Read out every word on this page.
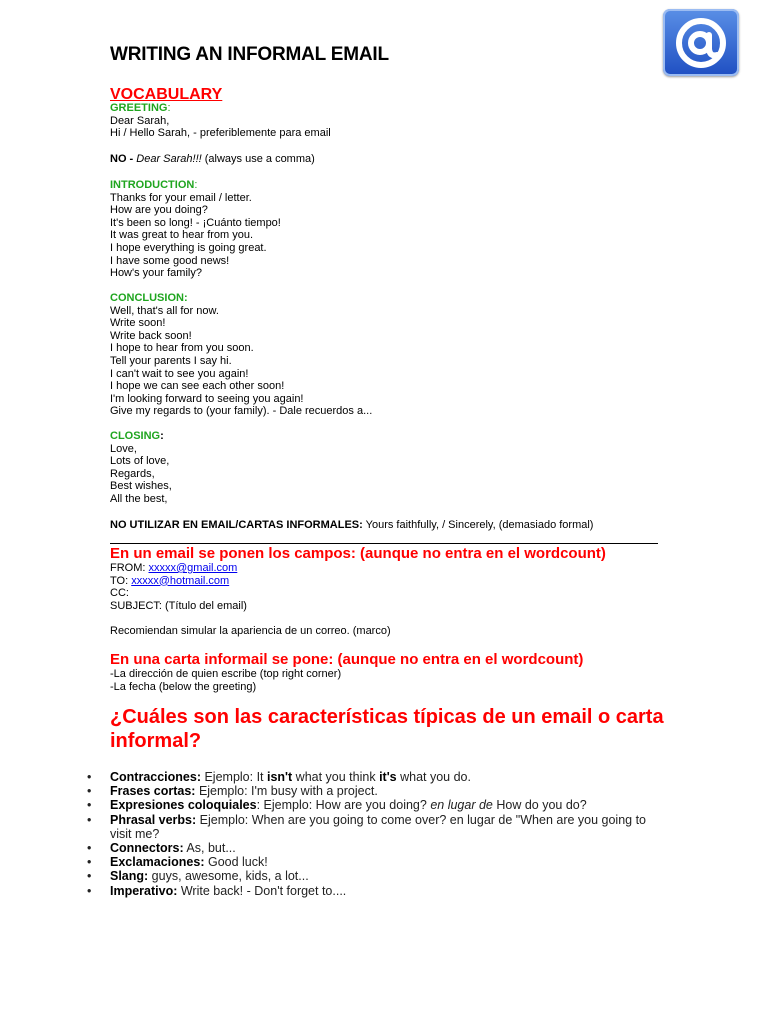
WRITING AN INFORMAL EMAIL
VOCABULARY
GREETING:
Dear Sarah,
Hi / Hello Sarah, - preferiblemente para email
NO - Dear Sarah!!! (always use a comma)
INTRODUCTION:
Thanks for your email / letter.
How are you doing?
It's been so long! - ¡Cuánto tiempo!
It was great to hear from you.
I hope everything is going great.
I have some good news!
How's your family?
CONCLUSION:
Well, that's all for now.
Write soon!
Write back soon!
I hope to hear from you soon.
Tell your parents I say hi.
I can't wait to see you again!
I hope we can see each other soon!
I'm looking forward to seeing you again!
Give my regards to (your family). - Dale recuerdos a...
CLOSING:
Love,
Lots of love,
Regards,
Best wishes,
All the best,
NO UTILIZAR EN EMAIL/CARTAS INFORMALES: Yours faithfully, / Sincerely, (demasiado formal)
En un email se ponen los campos: (aunque no entra en el wordcount)
FROM: xxxxx@gmail.com
TO: xxxxx@hotmail.com
CC:
SUBJECT: (Título del email)
Recomiendan simular la apariencia de un correo. (marco)
En una carta informail se pone: (aunque no entra en el wordcount)
-La dirección de quien escribe (top right corner)
-La fecha (below the greeting)
¿Cuáles son las características típicas de un email o carta informal?
• Contracciones: Ejemplo: It isn't what you think it's what you do.
• Frases cortas: Ejemplo: I'm busy with a project.
• Expresiones coloquiales: Ejemplo: How are you doing? en lugar de How do you do?
• Phrasal verbs: Ejemplo: When are you going to come over? en lugar de "When are you going to visit me?
• Connectors: As, but...
• Exclamaciones: Good luck!
• Slang: guys, awesome, kids, a lot...
• Imperativo: Write back! - Don't forget to....
